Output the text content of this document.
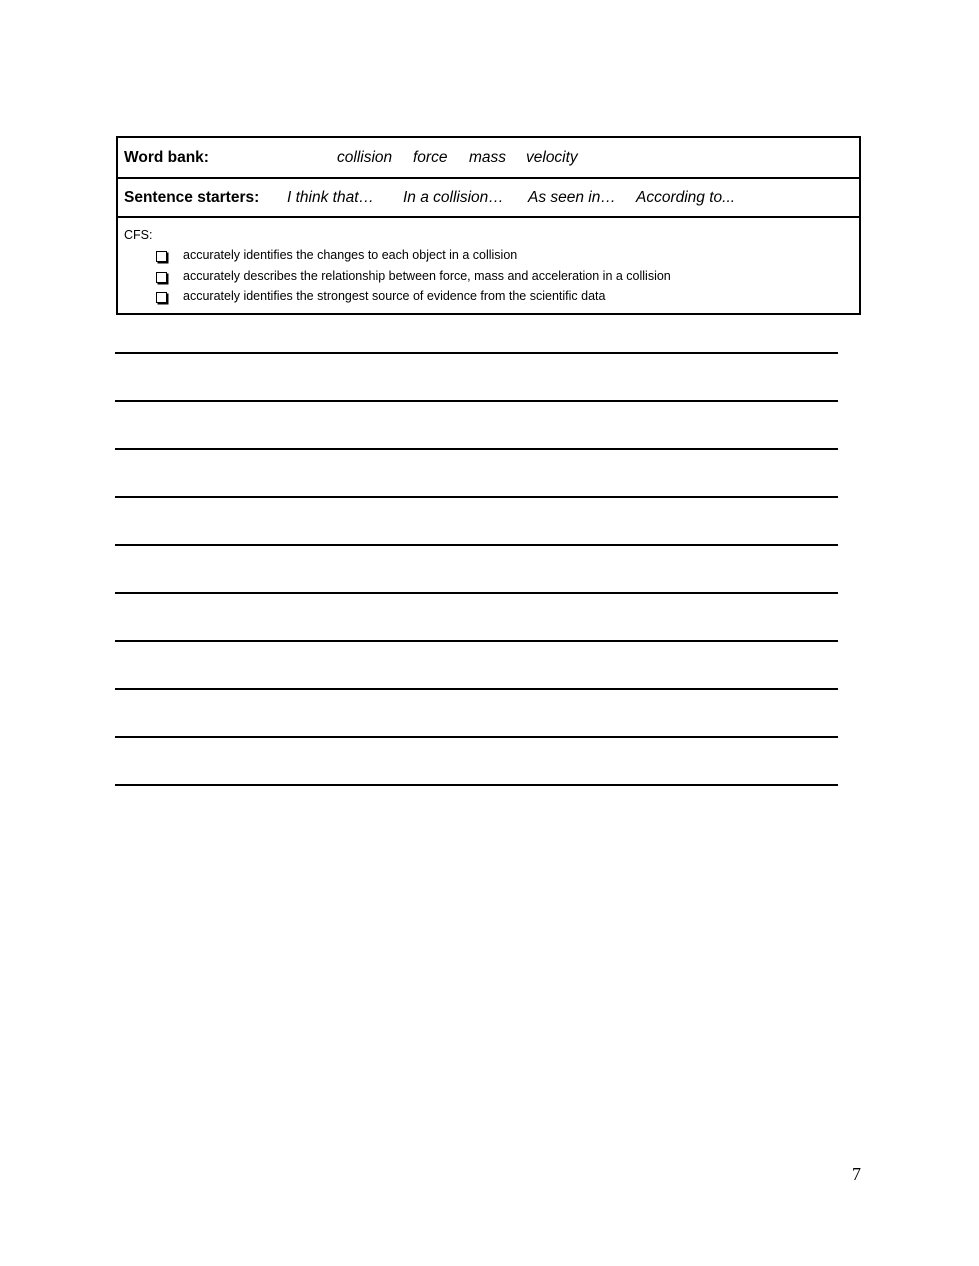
Word bank:	collision force mass velocity
Sentence starters: I think that… In a collision… As seen in… According to...
CFS:
accurately identifies the changes to each object in a collision
accurately describes the relationship between force, mass and acceleration in a collision
accurately identifies the strongest source of evidence from the scientific data
7
